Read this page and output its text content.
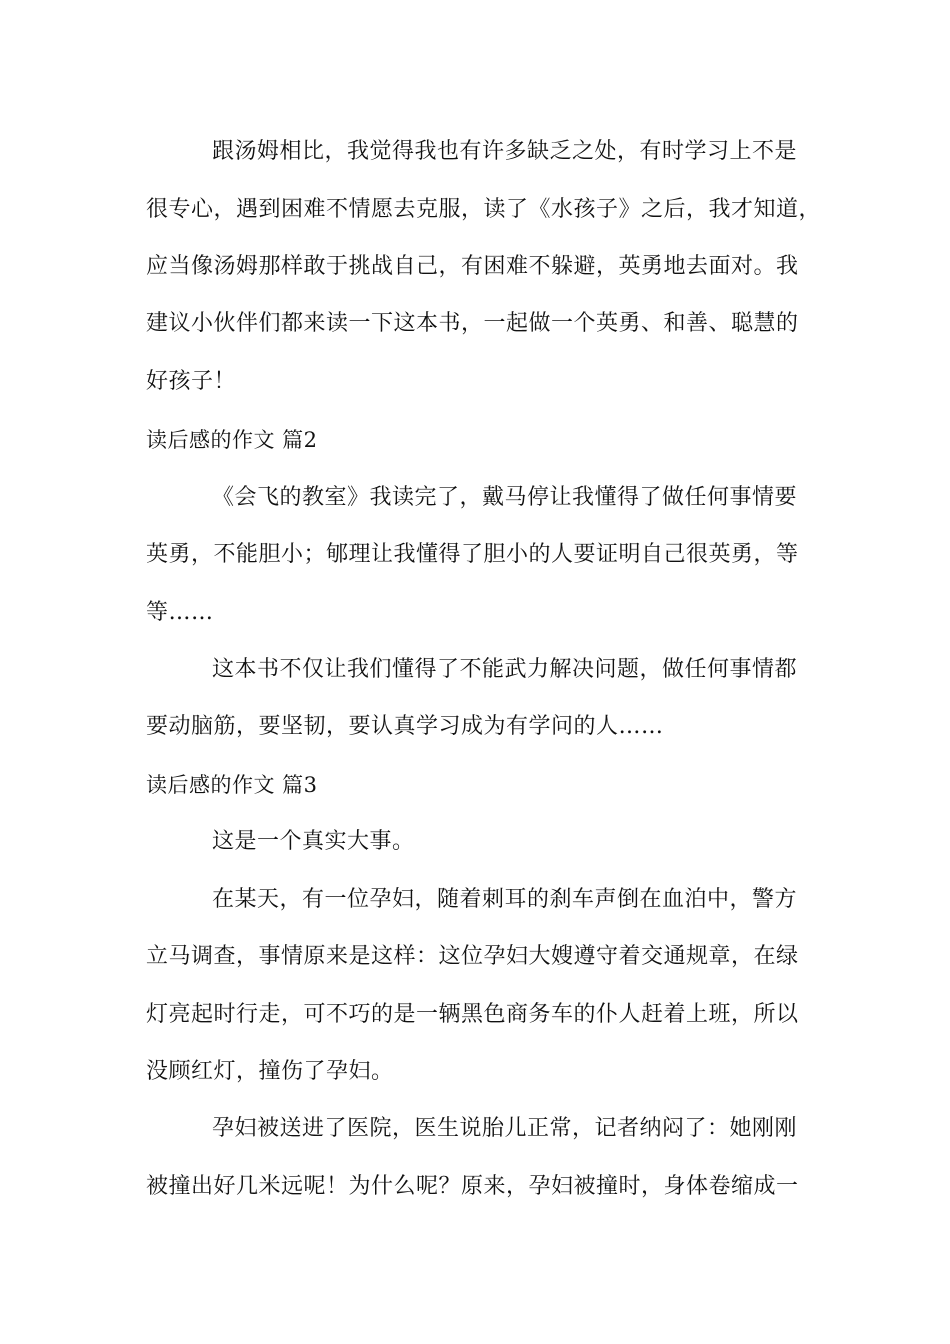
跟汤姆相比，我觉得我也有许多缺乏之处，有时学习上不是
很专心，遇到困难不情愿去克服，读了《水孩子》之后，我才知道，
应当像汤姆那样敢于挑战自己，有困难不躲避，英勇地去面对。我
建议小伙伴们都来读一下这本书，一起做一个英勇、和善、聪慧的
好孩子！
读后感的作文 篇2
《会飞的教室》我读完了，戴马停让我懂得了做任何事情要
英勇，不能胆小；郇理让我懂得了胆小的人要证明自己很英勇，等
等……
这本书不仅让我们懂得了不能武力解决问题，做任何事情都
要动脑筋，要坚韧，要认真学习成为有学问的人……
读后感的作文 篇3
这是一个真实大事。
在某天，有一位孕妇，随着刺耳的刹车声倒在血泊中，警方
立马调查，事情原来是这样：这位孕妇大嫂遵守着交通规章，在绿
灯亮起时行走，可不巧的是一辆黑色商务车的仆人赶着上班，所以
没顾红灯，撞伤了孕妇。
孕妇被送进了医院，医生说胎儿正常，记者纳闷了：她刚刚
被撞出好几米远呢！为什么呢？原来，孕妇被撞时，身体卷缩成一
